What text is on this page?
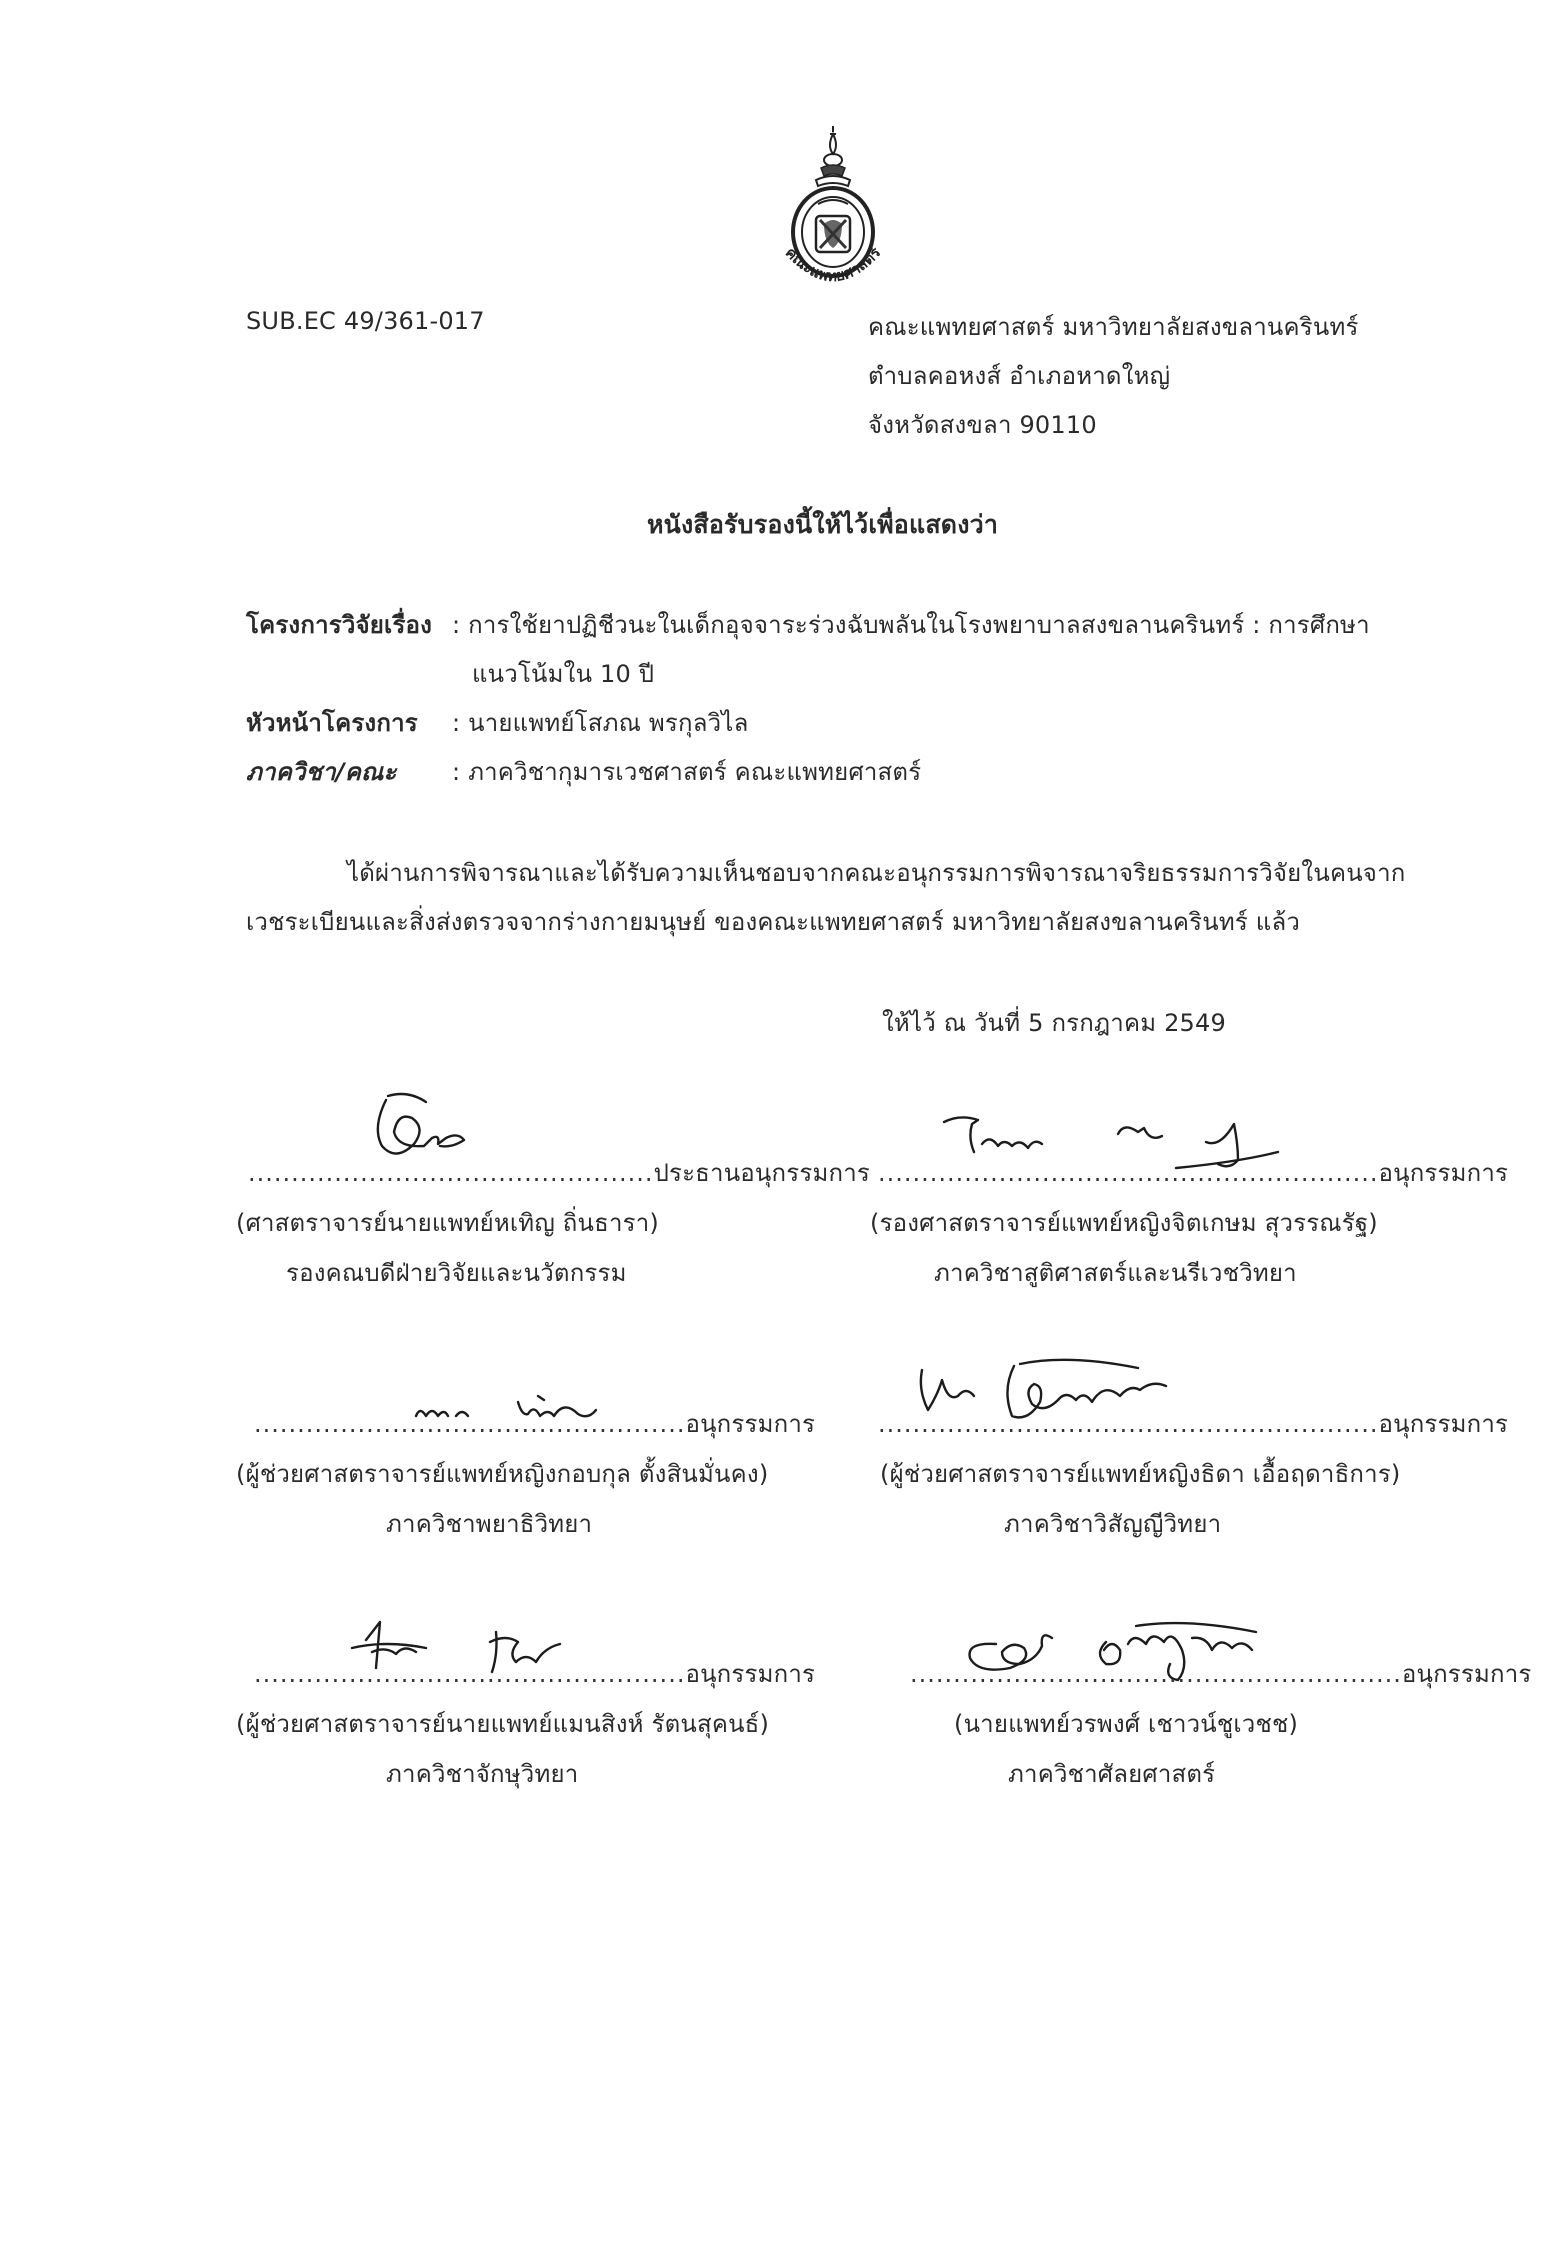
คณะแพทยศาสตร์
SUB.EC 49/361-017	คณะแพทยศาสตร์ มหาวิทยาลัยสงขลานครินทร์
ตำบลคอหงส์ อำเภอหาดใหญ่
จังหวัดสงขลา 90110
หนังสือรับรองนี้ให้ไว้เพื่อแสดงว่า
โครงการวิจัยเรื่อง : การใช้ยาปฏิชีวนะในเด็กอุจจาระร่วงฉับพลันในโรงพยาบาลสงขลานครินทร์ : การศึกษา
แนวโน้มใน 10 ปี
หัวหน้าโครงการ : นายแพทย์โสภณ พรกุลวิไล
ภาควิชา/คณะ : ภาควิชากุมารเวชศาสตร์ คณะแพทยศาสตร์
ได้ผ่านการพิจารณาและได้รับความเห็นชอบจากคณะอนุกรรมการพิจารณาจริยธรรมการวิจัยในคนจาก
เวชระเบียนและสิ่งส่งตรวจจากร่างกายมนุษย์ ของคณะแพทยศาสตร์ มหาวิทยาลัยสงขลานครินทร์ แล้ว
ให้ไว้ ณ วันที่ 5 กรกฎาคม 2549
...............................................ประธานอนุกรรมการ
(ศาสตราจารย์นายแพทย์หเทิญ ถิ่นธารา)
รองคณบดีฝ่ายวิจัยและนวัตกรรม
..........................................................อนุกรรมการ
(รองศาสตราจารย์แพทย์หญิงจิตเกษม สุวรรณรัฐ)
ภาควิชาสูติศาสตร์และนรีเวชวิทยา
..................................................อนุกรรมการ
(ผู้ช่วยศาสตราจารย์แพทย์หญิงกอบกุล ตั้งสินมั่นคง)
ภาควิชาพยาธิวิทยา
..........................................................อนุกรรมการ
(ผู้ช่วยศาสตราจารย์แพทย์หญิงธิดา เอื้อฤดาธิการ)
ภาควิชาวิสัญญีวิทยา
..................................................อนุกรรมการ
(ผู้ช่วยศาสตราจารย์นายแพทย์แมนสิงห์ รัตนสุคนธ์)
ภาควิชาจักษุวิทยา
.........................................................อนุกรรมการ
(นายแพทย์วรพงศ์ เชาวน์ชูเวชช)
ภาควิชาศัลยศาสตร์
